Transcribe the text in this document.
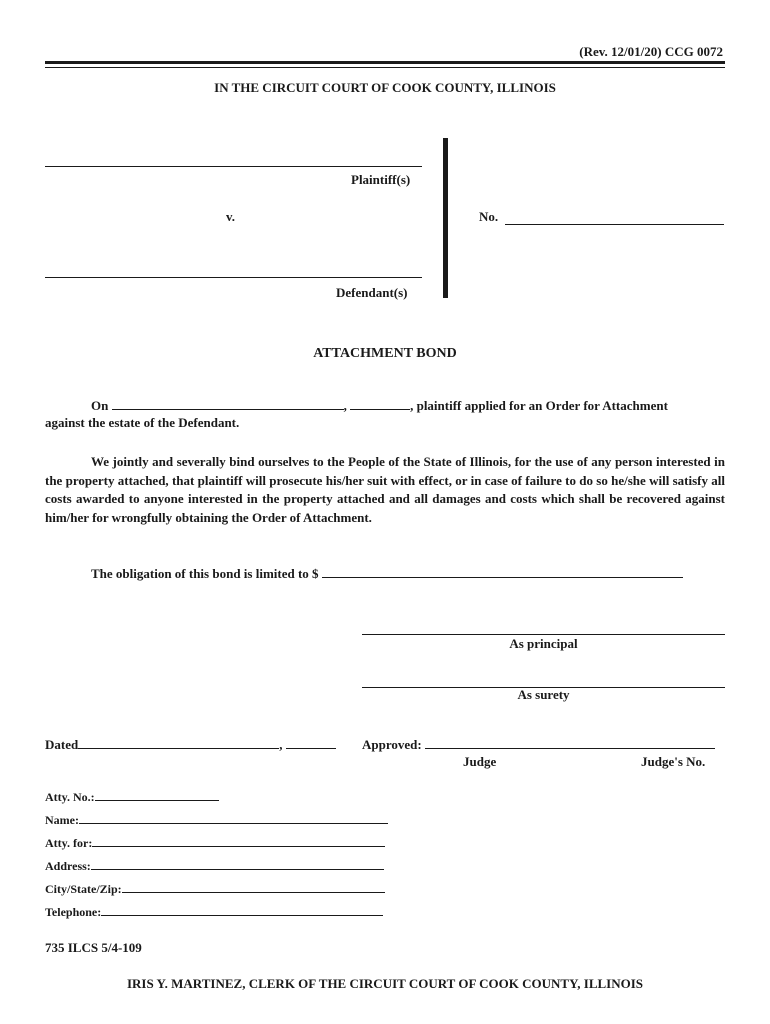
(Rev. 12/01/20) CCG 0072
IN THE CIRCUIT COURT OF COOK COUNTY, ILLINOIS
Plaintiff(s)
v.
Defendant(s)
No.
ATTACHMENT BOND
On	,	, plaintiff applied for an Order for Attachment
against the estate of the Defendant.
We jointly and severally bind ourselves to the People of the State of Illinois, for the use of any person interested in the property attached, that plaintiff will prosecute his/her suit with effect, or in case of failure to do so he/she will satisfy all costs awarded to anyone interested in the property attached and all damages and costs which shall be recovered against him/her for wrongfully obtaining the Order of Attachment.
The obligation of this bond is limited to $
As principal
As surety
Dated	,	Approved:
Judge	Judge's No.
Atty. No.:
Name:
Atty. for:
Address:
City/State/Zip:
Telephone:
735 ILCS 5/4-109
IRIS Y. MARTINEZ, CLERK OF THE CIRCUIT COURT OF COOK COUNTY, ILLINOIS
